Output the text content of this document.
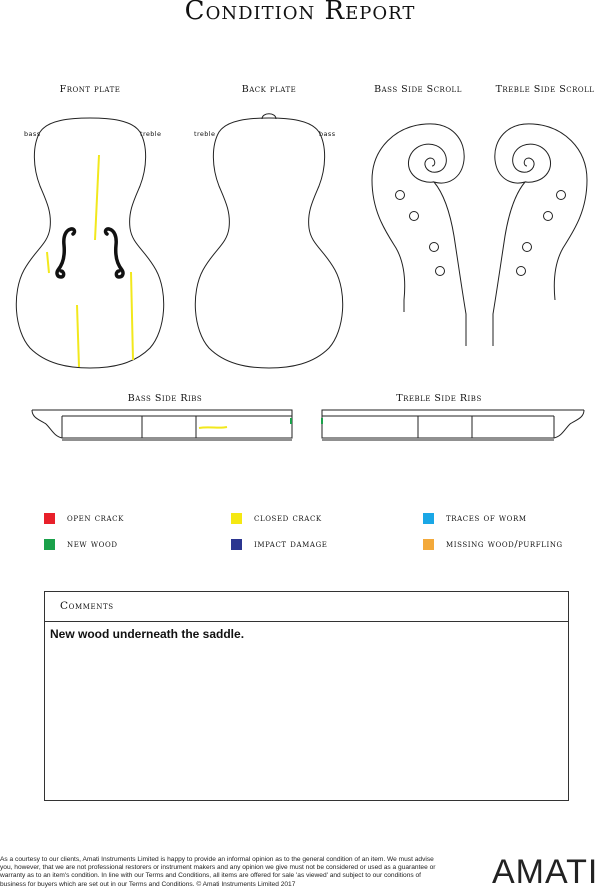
Condition Report
Front plate	Back plate	Bass Side Scroll	Treble Side Scroll
Bass Side Ribs	Treble Side Ribs
bass	treble	treble	bass
open crack	closed crack	traces of worm
new wood	impact damage	missing wood/purfling
Comments
New wood underneath the saddle.
As a courtesy to our clients, Amati Instruments Limited is happy to provide an informal opinion as to the general condition of an item. We must advise you, however, that we are not professional restorers or instrument makers and any opinion we give must not be considered or used as a guarantee or warranty as to an item's condition. In line with our Terms and Conditions, all items are offered for sale 'as viewed' and subject to our conditions of business for buyers which are set out in our Terms and Conditions. © Amati Instruments Limited 2017	AMATI
